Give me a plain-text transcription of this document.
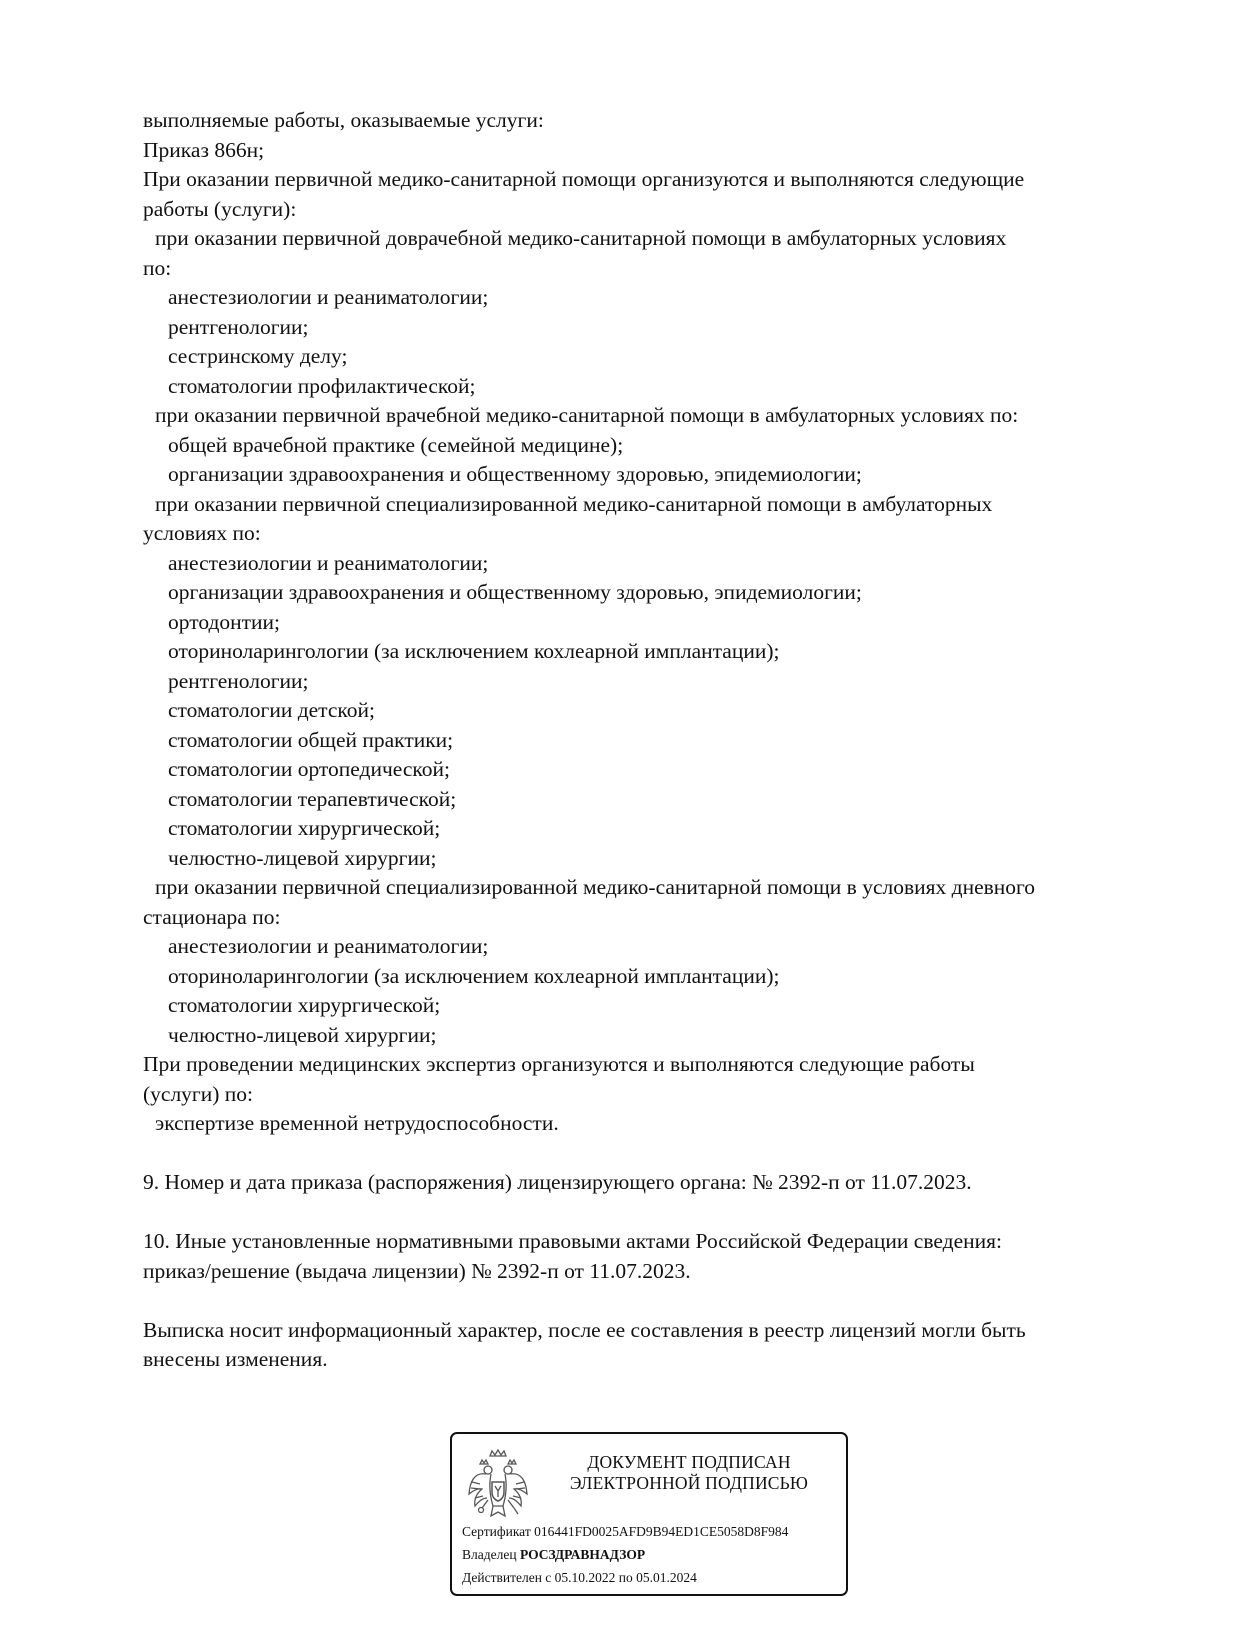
выполняемые работы, оказываемые услуги:
Приказ 866н;
При оказании первичной медико-санитарной помощи организуются и выполняются следующие
работы (услуги):
при оказании первичной доврачебной медико-санитарной помощи в амбулаторных условиях
по:
анестезиологии и реаниматологии;
рентгенологии;
сестринскому делу;
стоматологии профилактической;
при оказании первичной врачебной медико-санитарной помощи в амбулаторных условиях по:
общей врачебной практике (семейной медицине);
организации здравоохранения и общественному здоровью, эпидемиологии;
при оказании первичной специализированной медико-санитарной помощи в амбулаторных
условиях по:
анестезиологии и реаниматологии;
организации здравоохранения и общественному здоровью, эпидемиологии;
ортодонтии;
оториноларингологии (за исключением кохлеарной имплантации);
рентгенологии;
стоматологии детской;
стоматологии общей практики;
стоматологии ортопедической;
стоматологии терапевтической;
стоматологии хирургической;
челюстно-лицевой хирургии;
при оказании первичной специализированной медико-санитарной помощи в условиях дневного
стационара по:
анестезиологии и реаниматологии;
оториноларингологии (за исключением кохлеарной имплантации);
стоматологии хирургической;
челюстно-лицевой хирургии;
При проведении медицинских экспертиз организуются и выполняются следующие работы
(услуги) по:
экспертизе временной нетрудоспособности.
9. Номер и дата приказа (распоряжения) лицензирующего органа: № 2392-п от 11.07.2023.
10. Иные установленные нормативными правовыми актами Российской Федерации сведения:
приказ/решение (выдача лицензии) № 2392-п от 11.07.2023.
Выписка носит информационный характер, после ее составления в реестр лицензий могли быть
внесены изменения.
ДОКУМЕНТ ПОДПИСАН
ЭЛЕКТРОННОЙ ПОДПИСЬЮ
Сертификат 016441FD0025AFD9B94ED1CE5058D8F984
Владелец РОСЗДРАВНАДЗОР
Действителен с 05.10.2022 по 05.01.2024
